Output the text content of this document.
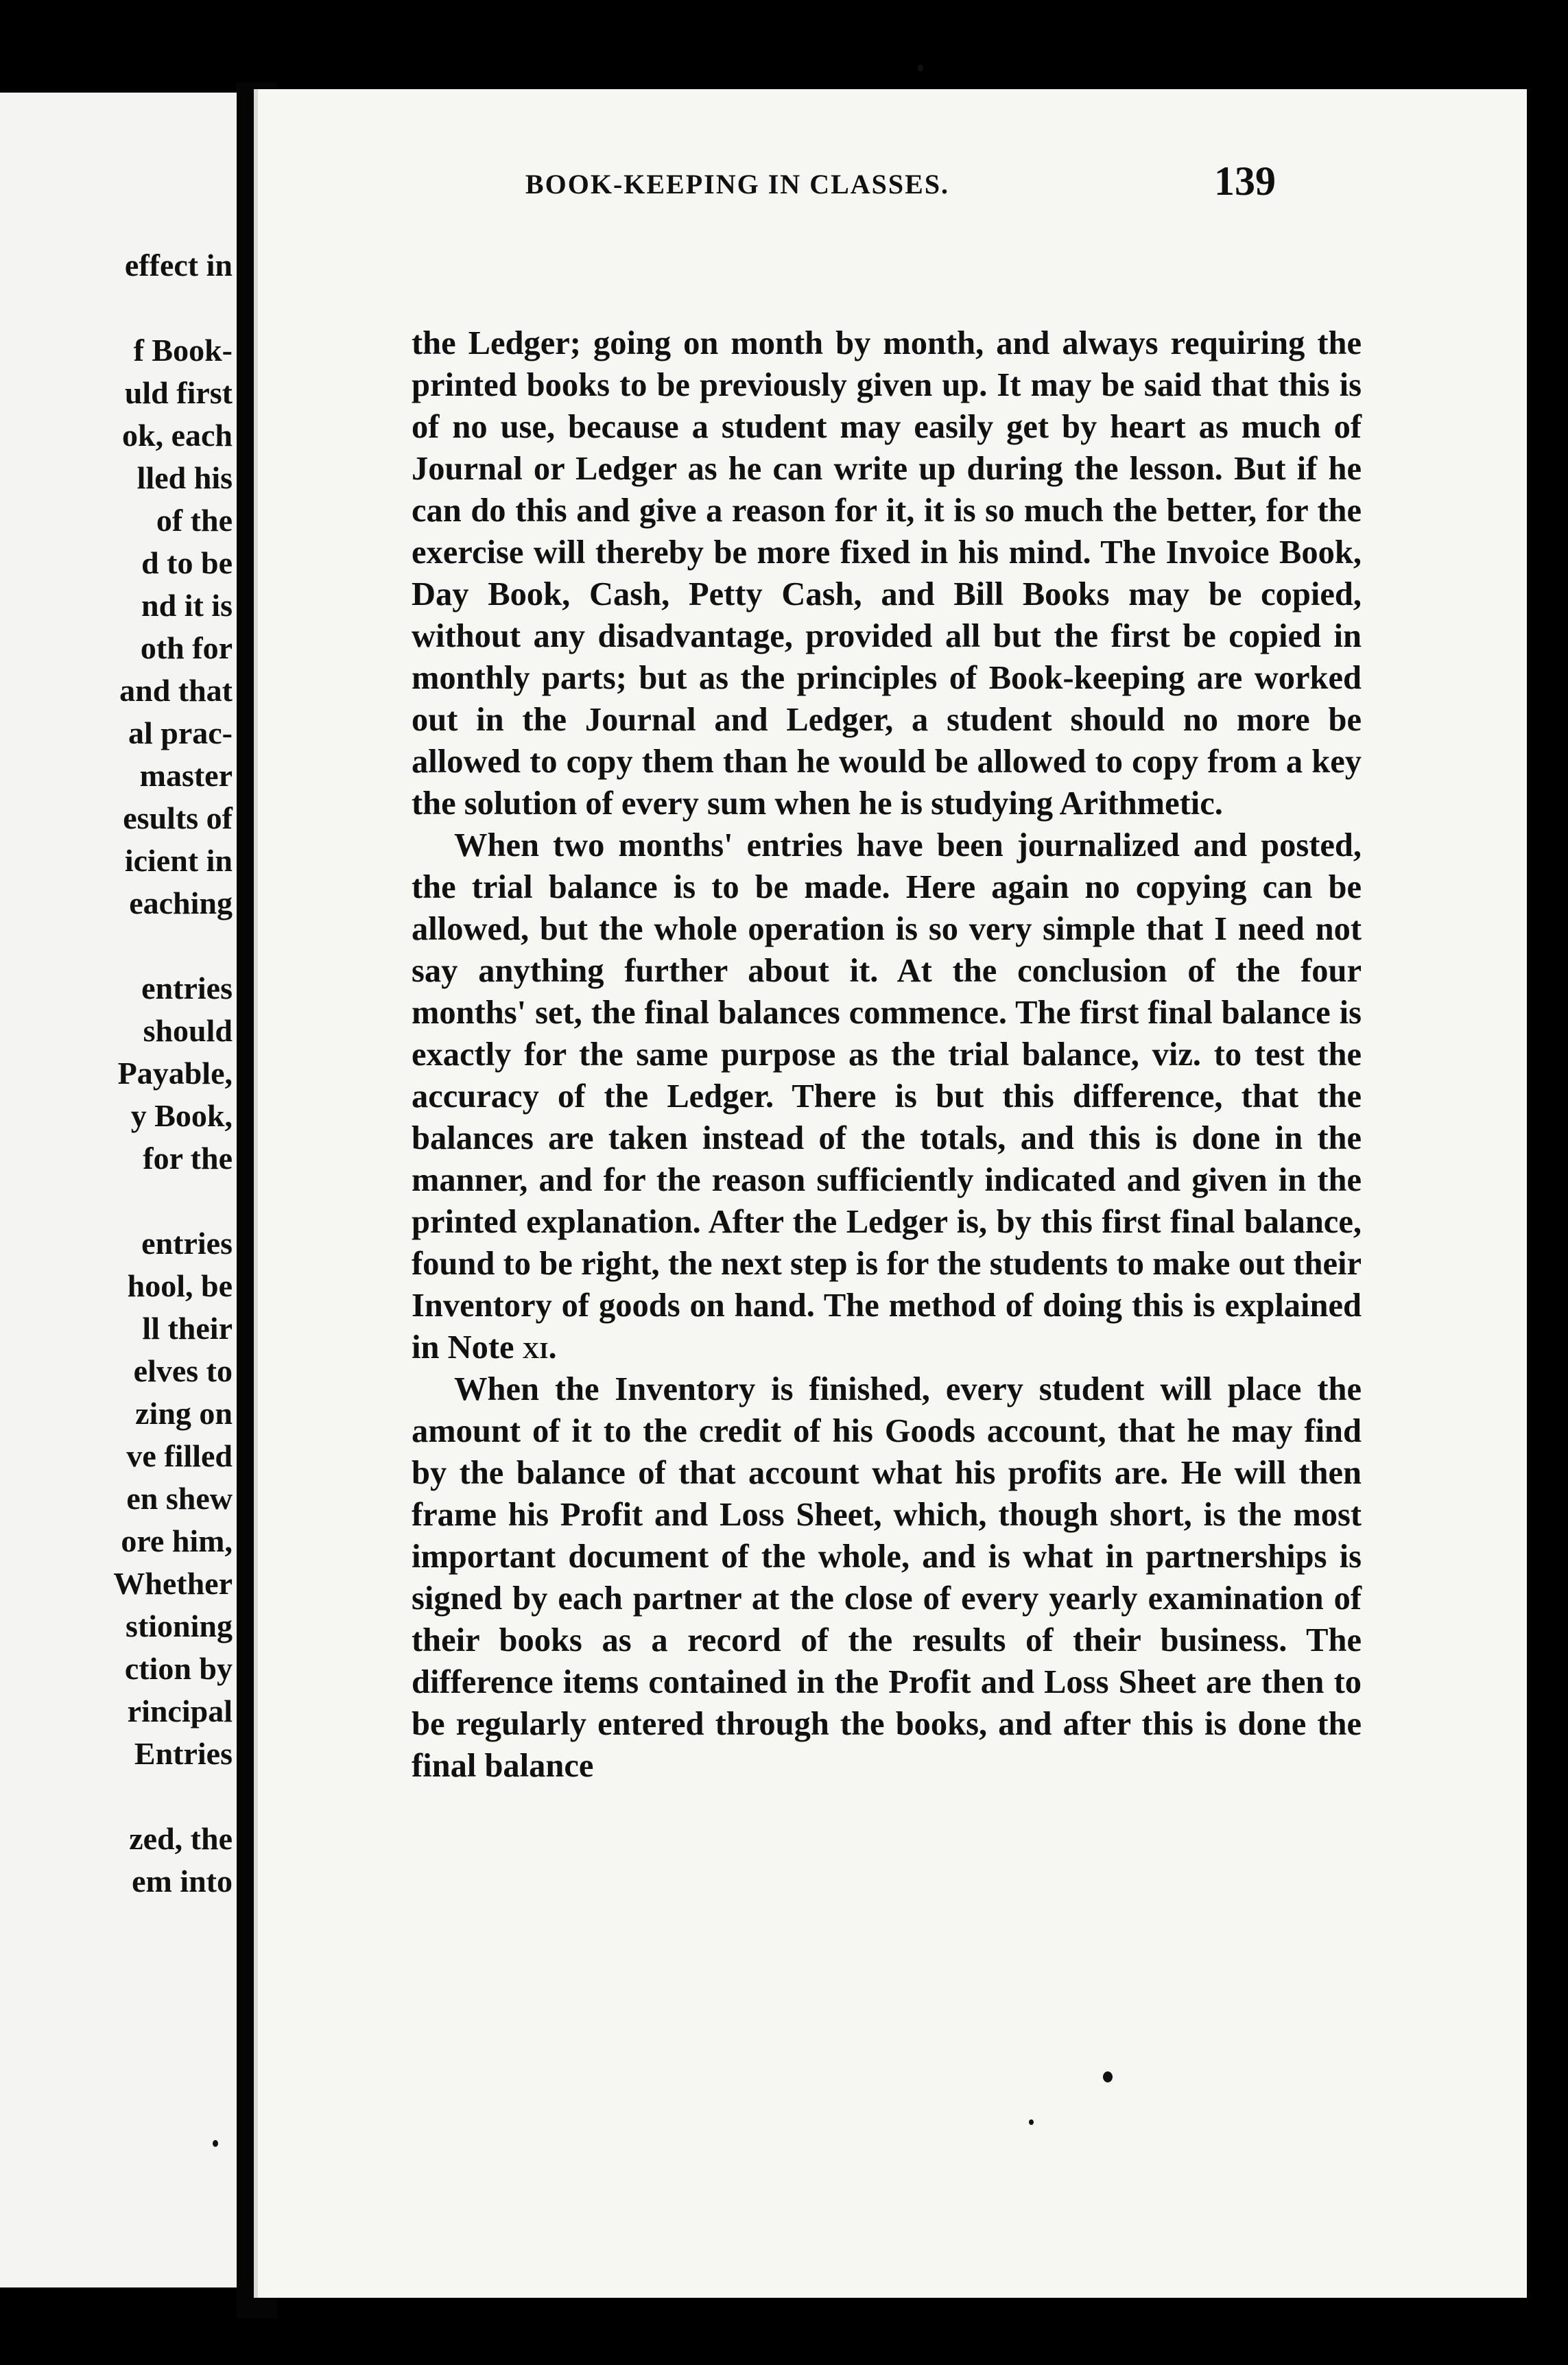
effect in
f Book-
uld first
ok, each
lled his
of the
d to be
nd it is
oth for
and that
al prac-
master
esults of
icient in
eaching
entries
should
Payable,
y Book,
for the
entries
hool, be
ll their
elves to
zing on
ve filled
en shew
ore him,
Whether
stioning
ction by
rincipal
Entries
zed, the
em into
BOOK-KEEPING IN CLASSES.	139

the Ledger; going on month by month, and always requiring the printed books to be previously given up. It may be said that this is of no use, because a student may easily get by heart as much of Journal or Ledger as he can write up during the lesson. But if he can do this and give a reason for it, it is so much the better, for the exercise will thereby be more fixed in his mind. The Invoice Book, Day Book, Cash, Petty Cash, and Bill Books may be copied, without any disadvantage, provided all but the first be copied in monthly parts; but as the principles of Book-keeping are worked out in the Journal and Ledger, a student should no more be allowed to copy them than he would be allowed to copy from a key the solution of every sum when he is studying Arithmetic.

When two months' entries have been journalized and posted, the trial balance is to be made. Here again no copying can be allowed, but the whole operation is so very simple that I need not say anything further about it. At the conclusion of the four months' set, the final balances commence. The first final balance is exactly for the same purpose as the trial balance, viz. to test the accuracy of the Ledger. There is but this difference, that the balances are taken instead of the totals, and this is done in the manner, and for the reason sufficiently indicated and given in the printed explanation. After the Ledger is, by this first final balance, found to be right, the next step is for the students to make out their Inventory of goods on hand. The method of doing this is explained in Note xi.

When the Inventory is finished, every student will place the amount of it to the credit of his Goods account, that he may find by the balance of that account what his profits are. He will then frame his Profit and Loss Sheet, which, though short, is the most important document of the whole, and is what in partnerships is signed by each partner at the close of every yearly examination of their books as a record of the results of their business. The difference items contained in the Profit and Loss Sheet are then to be regularly entered through the books, and after this is done the final balance
